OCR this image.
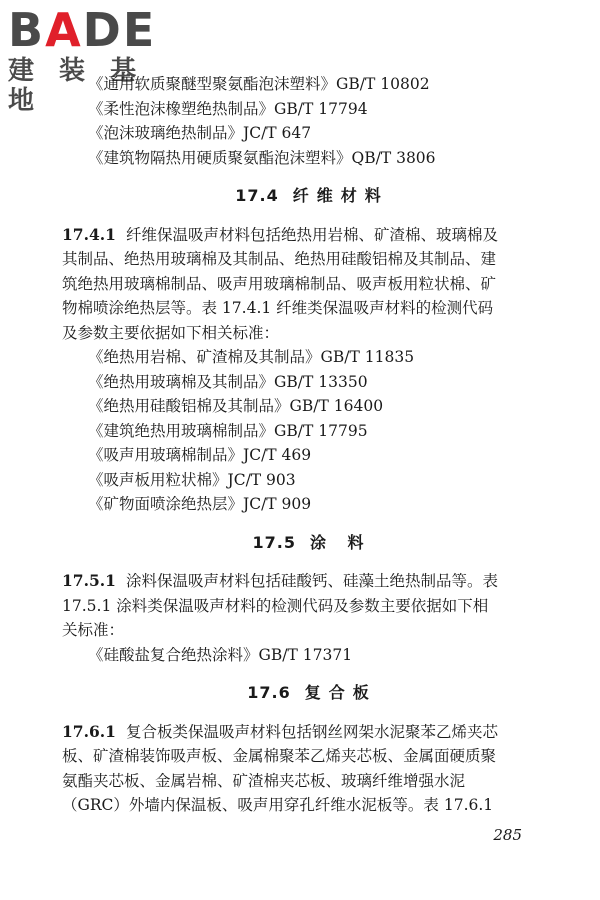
BADE
建 装 基 地
《通用软质聚醚型聚氨酯泡沫塑料》GB/T 10802
《柔性泡沫橡塑绝热制品》GB/T 17794
《泡沫玻璃绝热制品》JC/T 647
《建筑物隔热用硬质聚氨酯泡沫塑料》QB/T 3806
17.4 纤维材料
17.4.1 纤维保温吸声材料包括绝热用岩棉、矿渣棉、玻璃棉及
其制品、绝热用玻璃棉及其制品、绝热用硅酸铝棉及其制品、建
筑绝热用玻璃棉制品、吸声用玻璃棉制品、吸声板用粒状棉、矿
物棉喷涂绝热层等。表 17.4.1 纤维类保温吸声材料的检测代码
及参数主要依据如下相关标准：
《绝热用岩棉、矿渣棉及其制品》GB/T 11835
《绝热用玻璃棉及其制品》GB/T 13350
《绝热用硅酸铝棉及其制品》GB/T 16400
《建筑绝热用玻璃棉制品》GB/T 17795
《吸声用玻璃棉制品》JC/T 469
《吸声板用粒状棉》JC/T 903
《矿物面喷涂绝热层》JC/T 909
17.5 涂 料
17.5.1 涂料保温吸声材料包括硅酸钙、硅藻土绝热制品等。表
17.5.1 涂料类保温吸声材料的检测代码及参数主要依据如下相
关标准：
《硅酸盐复合绝热涂料》GB/T 17371
17.6 复合板
17.6.1 复合板类保温吸声材料包括钢丝网架水泥聚苯乙烯夹芯
板、矿渣棉装饰吸声板、金属棉聚苯乙烯夹芯板、金属面硬质聚
氨酯夹芯板、金属岩棉、矿渣棉夹芯板、玻璃纤维增强水泥
（GRC）外墙内保温板、吸声用穿孔纤维水泥板等。表 17.6.1
285
